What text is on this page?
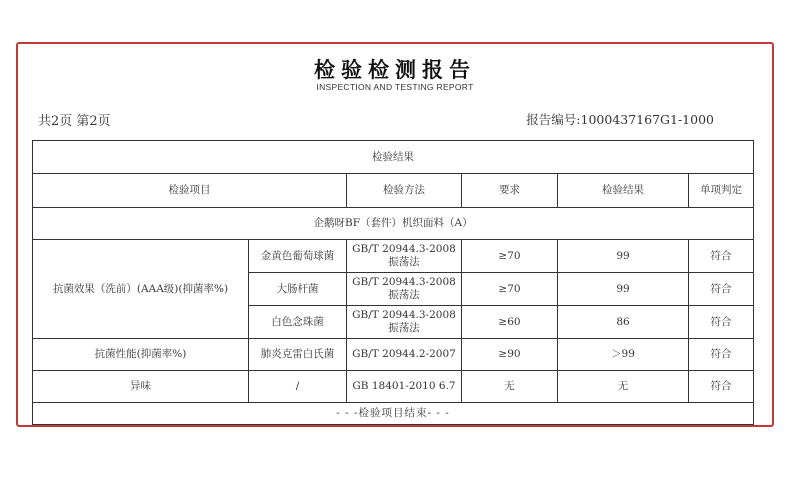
检验检测报告
INSPECTION AND TESTING REPORT
共2页 第2页	报告编号:1000437167G1-1000
检验结果					
检验项目		检验方法	要求	检验结果	单项判定
企鹅呀BF（套件）机织面料（A）					
抗菌效果（洗前）(AAA级)(抑菌率%)	金黄色葡萄球菌	GB/T 20944.3-2008 振荡法	≥70	99	符合
	大肠杆菌	GB/T 20944.3-2008 振荡法	≥70	99	符合
	白色念珠菌	GB/T 20944.3-2008 振荡法	≥60	86	符合
抗菌性能(抑菌率%)	肺炎克雷白氏菌	GB/T 20944.2-2007	≥90	＞99	符合
异味	/	GB 18401-2010 6.7	无	无	符合
- - -检验项目结束- - -					
